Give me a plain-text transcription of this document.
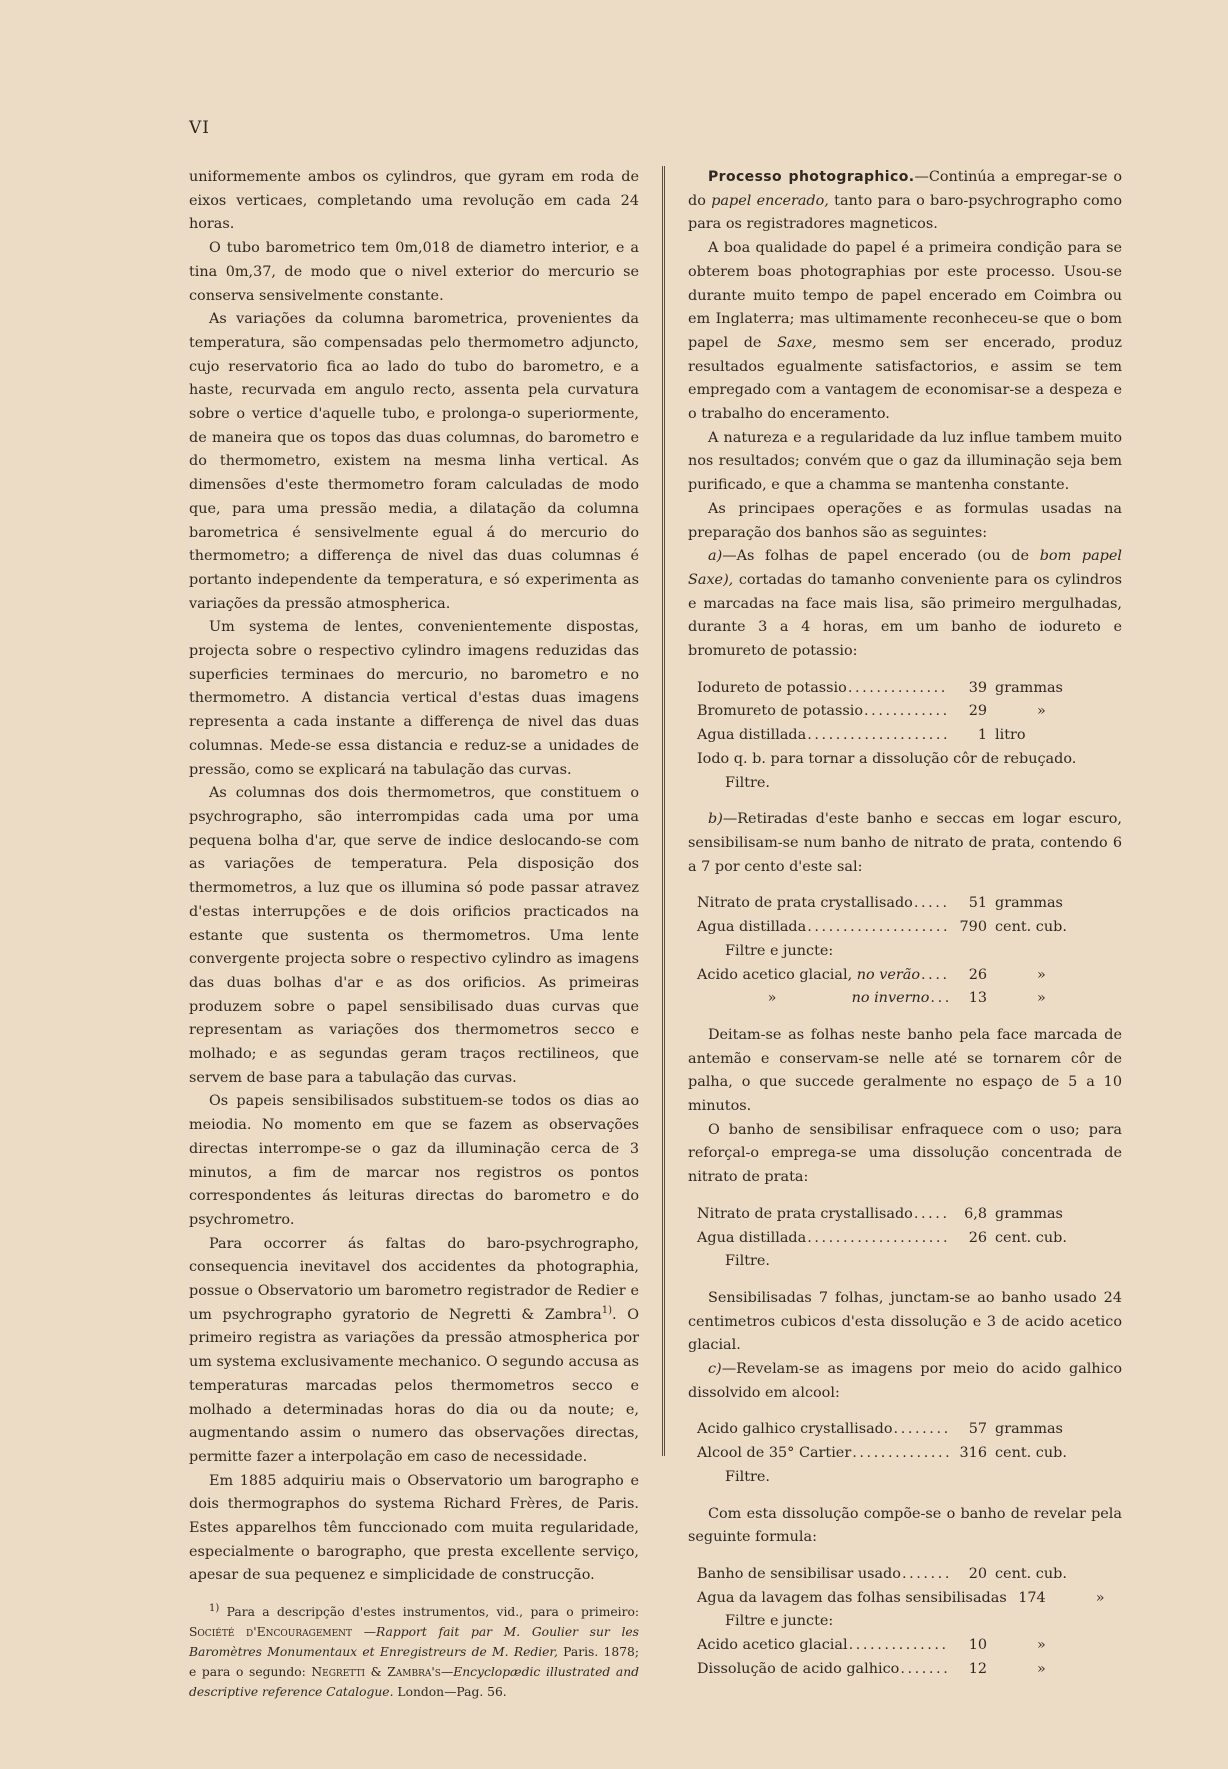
VI

uniformemente ambos os cylindros, que gyram em roda de eixos verticaes, completando uma revolução em cada 24 horas.

O tubo barometrico tem 0m,018 de diametro interior, e a tina 0m,37, de modo que o nivel exterior do mercurio se conserva sensivelmente constante.

As variações da columna barometrica, provenientes da temperatura, são compensadas pelo thermometro adjuncto, cujo reservatorio fica ao lado do tubo do barometro, e a haste, recurvada em angulo recto, assenta pela curvatura sobre o vertice d'aquelle tubo, e prolonga-o superiormente, de maneira que os topos das duas columnas, do barometro e do thermometro, existem na mesma linha vertical. As dimensões d'este thermometro foram calculadas de modo que, para uma pressão media, a dilatação da columna barometrica é sensivelmente egual á do mercurio do thermometro; a differença de nivel das duas columnas é portanto independente da temperatura, e só experimenta as variações da pressão atmospherica.

Um systema de lentes, convenientemente dispostas, projecta sobre o respectivo cylindro imagens reduzidas das superficies terminaes do mercurio, no barometro e no thermometro. A distancia vertical d'estas duas imagens representa a cada instante a differença de nivel das duas columnas. Mede-se essa distancia e reduz-se a unidades de pressão, como se explicará na tabulação das curvas.

As columnas dos dois thermometros, que constituem o psychrographo, são interrompidas cada uma por uma pequena bolha d'ar, que serve de indice deslocando-se com as variações de temperatura. Pela disposição dos thermometros, a luz que os illumina só pode passar atravez d'estas interrupções e de dois orificios practicados na estante que sustenta os thermometros. Uma lente convergente projecta sobre o respectivo cylindro as imagens das duas bolhas d'ar e as dos orificios. As primeiras produzem sobre o papel sensibilisado duas curvas que representam as variações dos thermometros secco e molhado; e as segundas geram traços rectilineos, que servem de base para a tabulação das curvas.

Os papeis sensibilisados substituem-se todos os dias ao meiodia. No momento em que se fazem as observações directas interrompe-se o gaz da illuminação cerca de 3 minutos, a fim de marcar nos registros os pontos correspondentes ás leituras directas do barometro e do psychrometro.

Para occorrer ás faltas do baro-psychrographo, consequencia inevitavel dos accidentes da photographia, possue o Observatorio um barometro registrador de Redier e um psychrographo gyratorio de Negretti & Zambra$^{1)}$. O primeiro registra as variações da pressão atmospherica por um systema exclusivamente mechanico. O segundo accusa as temperaturas marcadas pelos thermometros secco e molhado a determinadas horas do dia ou da noute; e, augmentando assim o numero das observações directas, permitte fazer a interpolação em caso de necessidade.

Em 1885 adquiriu mais o Observatorio um barographo e dois thermographos do systema Richard Frères, de Paris. Estes apparelhos têm funccionado com muita regularidade, especialmente o barographo, que presta excellente serviço, apesar de sua pequenez e simplicidade de construcção.

$^{1)}$ Para a descripção d'estes instrumentos, vid., para o primeiro: Société d'Encouragement —Rapport fait par M. Goulier sur les Baromètres Monumentaux et Enregistreurs de M. Redier, Paris. 1878; e para o segundo: Negretti & Zambra's—Encyclopædic illustrated and descriptive reference Catalogue. London—Pag. 56.

Processo photographico.—Continúa a empregar-se o do papel encerado, tanto para o baro-psychrographo como para os registradores magneticos.

A boa qualidade do papel é a primeira condição para se obterem boas photographias por este processo. Usou-se durante muito tempo de papel encerado em Coimbra ou em Inglaterra; mas ultimamente reconheceu-se que o bom papel de Saxe, mesmo sem ser encerado, produz resultados egualmente satisfactorios, e assim se tem empregado com a vantagem de economisar-se a despeza e o trabalho do enceramento.

A natureza e a regularidade da luz influe tambem muito nos resultados; convém que o gaz da illuminação seja bem purificado, e que a chamma se mantenha constante.

As principaes operações e as formulas usadas na preparação dos banhos são as seguintes:

a)—As folhas de papel encerado (ou de bom papel Saxe), cortadas do tamanho conveniente para os cylindros e marcadas na face mais lisa, são primeiro mergulhadas, durante 3 a 4 horas, em um banho de iodureto e bromureto de potassio:

Iodureto de potassio . . .	39 grammas
Bromureto de potassio . . .	29	»
Agua distillada . . .	1 litro
Iodo q. b. para tornar a dissolução côr de rebuçado.
Filtre.

b)—Retiradas d'este banho e seccas em logar escuro, sensibilisam-se num banho de nitrato de prata, contendo 6 a 7 por cento d'este sal:

Nitrato de prata crystallisado . . .	51 grammas
Agua distillada . . .	790 cent. cub.
Filtre e juncte:
Acido acetico glacial, no verão . . .	26	»
»	no inverno . . .	13	»

Deitam-se as folhas neste banho pela face marcada de antemão e conservam-se nelle até se tornarem côr de palha, o que succede geralmente no espaço de 5 a 10 minutos.

O banho de sensibilisar enfraquece com o uso; para reforçal-o emprega-se uma dissolução concentrada de nitrato de prata:

Nitrato de prata crystallisado . . .	6,8 grammas
Agua distillada . . .	26 cent. cub.
Filtre.

Sensibilisadas 7 folhas, junctam-se ao banho usado 24 centimetros cubicos d'esta dissolução e 3 de acido acetico glacial.

c)—Revelam-se as imagens por meio do acido galhico dissolvido em alcool:

Acido galhico crystallisado . . .	57 grammas
Alcool de 35° Cartier . . .	316 cent. cub.
Filtre.

Com esta dissolução compõe-se o banho de revelar pela seguinte formula:

Banho de sensibilisar usado . . .	20 cent. cub.
Agua da lavagem das folhas sensibilisadas 174	»
Filtre e juncte:
Acido acetico glacial . . .	10	»
Dissolução de acido galhico . . .	12	»
